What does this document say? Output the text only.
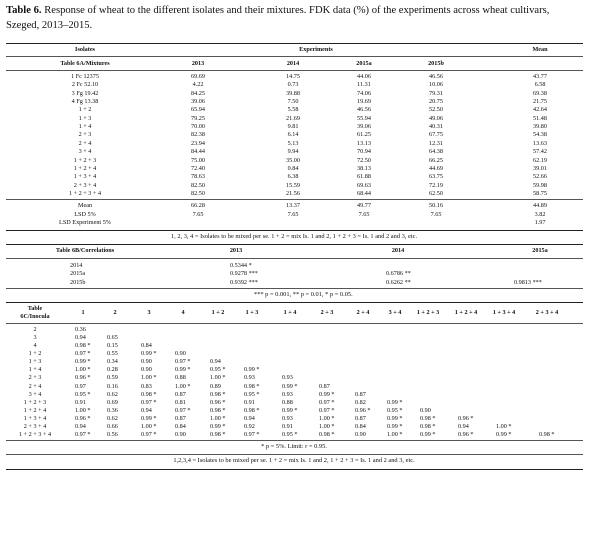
Table 6. Response of wheat to the different isolates and their mixtures. FDK data (%) of the experiments across wheat cultivars, Szeged, 2013–2015.
Isolates	Experiments	Mean
Table 6A/Mixtures	2013	2014	2015a	2015b
1 Fc 12375	69.69	14.75	44.06	46.56	43.77
2 Fc 52.10	4.22	0.73	11.31	10.06	6.58
3 Fg 19.42	84.25	39.88	74.06	79.31	69.38
4 Fg 13.38	39.06	7.50	19.69	20.75	21.75
1 + 2	65.94	5.58	46.56	52.50	42.64
1 + 3	79.25	21.69	55.94	49.06	51.48
1 + 4	70.00	9.81	39.06	40.31	39.80
2 + 3	82.38	6.14	61.25	67.75	54.38
2 + 4	23.94	5.13	13.13	12.31	13.63
3 + 4	84.44	9.94	70.94	64.38	57.42
1 + 2 + 3	75.00	35.00	72.50	66.25	62.19
1 + 2 + 4	72.40	0.84	38.13	44.69	39.01
1 + 3 + 4	78.63	6.38	61.88	63.75	52.66
2 + 3 + 4	82.50	15.59	69.63	72.19	59.98
1 + 2 + 3 + 4	82.50	21.56	68.44	62.50	58.75
Mean	66.28	13.37	49.77	50.16	44.89
LSD 5%	7.65	7.65	7.65	7.65	3.82
LSD Experiment 5%	1.97
1, 2, 3, 4 = Isolates to be mixed per se. 1 + 2 = mix Is. 1 and 2, 1 + 2 + 3 = Is. 1 and 2 and 3, etc.
Table 6B/Correlations	2013	2014	2015a
2014	0.5344 *
2015a	0.9278 ***	0.6786 **
2015b	0.9392 ***	0.6262 **	0.9813 ***
*** p = 0.001, ** p = 0.01, * p = 0.05.
Table
6C/Inocula
1	2	3	4	1 + 2	1 + 3	1 + 4	2 + 3	2 + 4	3 + 4	1 + 2 + 3	1 + 2 + 4	1 + 3 + 4	2 + 3 + 4
2	0.36
3	0.94	0.65
4	0.98 *	0.15	0.84
1 + 2	0.97 *	0.55	0.99 *	0.90
1 + 3	0.99 *	0.34	0.90	0.97 *	0.94
1 + 4	1.00 *	0.28	0.90	0.99 *	0.95 *	0.99 *
2 + 3	0.96 *	0.59	1.00 *	0.88	1.00 *	0.93	0.93
2 + 4	0.97	0.16	0.83	1.00 *	0.89	0.98 *	0.99 *	0.87
3 + 4	0.95 *	0.62	0.98 *	0.87	0.98 *	0.95 *	0.93	0.99 *	0.87
1 + 2 + 3	0.91	0.69	0.97 *	0.81	0.96 *	0.91	0.88	0.97 *	0.82	0.99 *
1 + 2 + 4	1.00 *	0.36	0.94	0.97 *	0.98 *	0.98 *	0.99 *	0.97 *	0.96 *	0.95 *	0.90
1 + 3 + 4	0.96 *	0.62	0.99 *	0.87	1.00 *	0.94	0.93	1.00 *	0.87	0.99 *	0.98 *	0.96 *
2 + 3 + 4	0.94	0.66	1.00 *	0.84	0.99 *	0.92	0.91	1.00 *	0.84	0.99 *	0.98 *	0.94	1.00 *
1 + 2 + 3 + 4	0.97 *	0.56	0.97 *	0.90	0.98 *	0.97 *	0.95 *	0.98 *	0.90	1.00 *	0.99 *	0.96 *	0.99 *	0.98 *
* p = 5%. Limit: r = 0.95.
1,2,3,4 = Isolates to be mixed per se. 1 + 2 = mix Is. 1 and 2, 1 + 2 + 3 = Is. 1 and 2 and 3, etc.
